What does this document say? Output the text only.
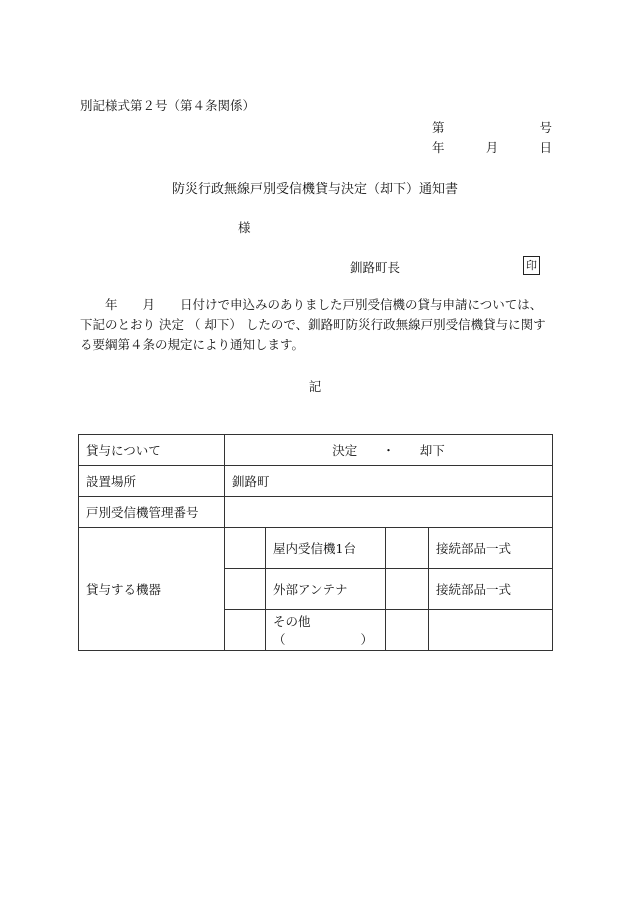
別記様式第２号（第４条関係）
第	号
年	月	日
防災行政無線戸別受信機貸与決定（却下）通知書
様
釧路町長	印
　　年　　月　　日付けで申込みのありました戸別受信機の貸与申請については、下記のとおり 決定 （ 却下） したので、釧路町防災行政無線戸別受信機貸与に関する要綱第４条の規定により通知します。
記
貸与について	決定　　・　　却下			
設置場所	釧路町			
戸別受信機管理番号				
貸与する機器		屋内受信機1台		接続部品一式
		外部アンテナ		接続部品一式

		その他
（　　　　　　）		
